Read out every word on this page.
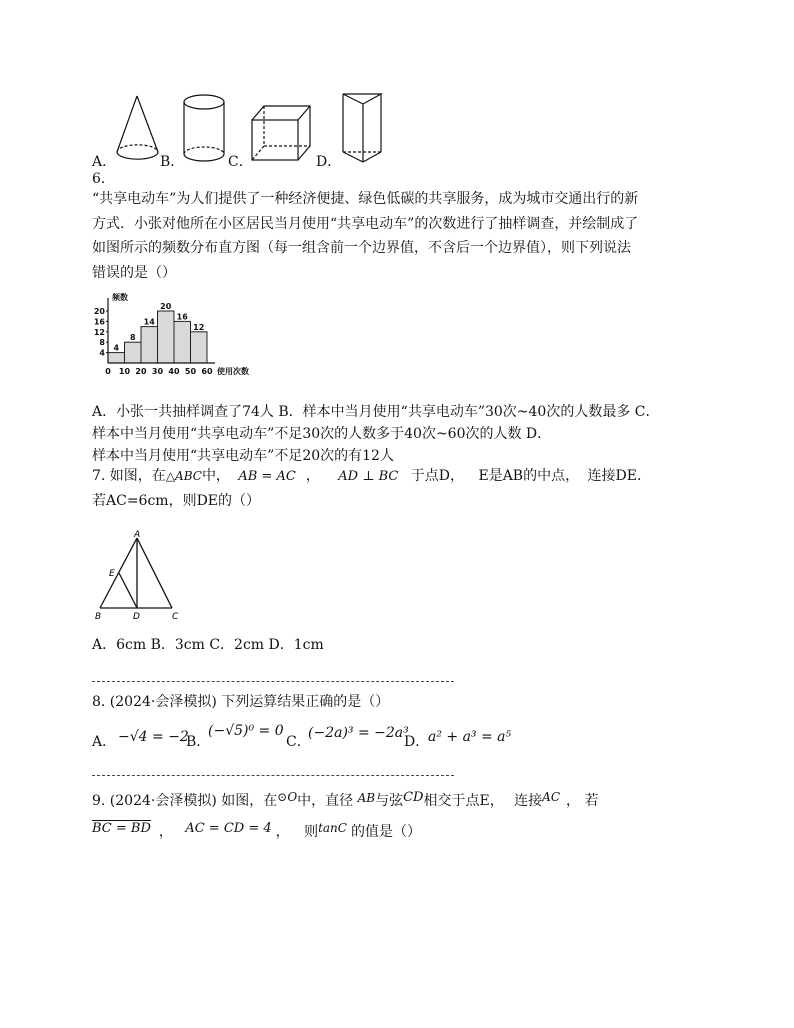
A．	B．	C．	D．
6.
“共享电动车”为人们提供了一种经济便捷、绿色低碳的共享服务，成为城市交通出行的新
方式．小张对他所在小区居民当月使用“共享电动车”的次数进行了抽样调查，并绘制成了
如图所示的频数分布直方图（每一组含前一个边界值，不含后一个边界值），则下列说法
错误的是（）
4
8
14
20
16
12
4
8
12
16
20
0 10 20 30 40 50 60
频数
使用次数
A．小张一共抽样调查了74人 B．样本中当月使用“共享电动车”30次~40次的人数最多 C．
样本中当月使用“共享电动车”不足30次的人数多于40次~60次的人数 D．
样本中当月使用“共享电动车”不足20次的有12人
7. 如图，在△ABC中， AB = AC ， AD ⊥ BC 于点D， E是AB的中点， 连接DE．
若AC=6cm，则DE的（）
A
E
B	D	C
A．6cm B．3cm C．2cm D．1cm
8. (2024·会泽模拟) 下列运算结果正确的是（）
A． −√4 = −2
B．
(−√5)⁰ = 0
C．
(−2a)³ = −2a³
D．
a² + a³ = a⁵
9. (2024·会泽模拟) 如图，在⊙O中，直径 AB与弦CD相交于点E， 连接AC ， 若
BC = BD ， AC = CD = 4 ， 则tanC 的值是（）
